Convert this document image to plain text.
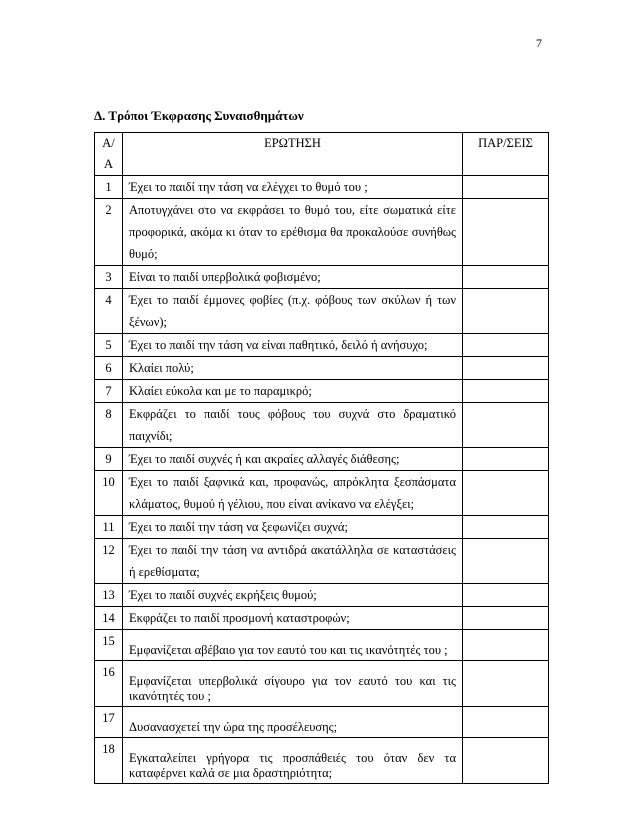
7
Δ. Τρόποι Έκφρασης Συναισθημάτων
Α/Α	ΕΡΩΤΗΣΗ	ΠΑΡ/ΣΕΙΣ
1	Έχει το παιδί την τάση να ελέγχει το θυμό του ;	
2	Αποτυγχάνει στο να εκφράσει το θυμό του, είτε σωματικά είτε προφορικά, ακόμα κι όταν το ερέθισμα θα προκαλούσε συνήθως θυμό;	
3	Είναι το παιδί υπερβολικά φοβισμένο;	
4	Έχει το παιδί έμμονες φοβίες (π.χ. φόβους των σκύλων ή των ξένων);	
5	Έχει το παιδί την τάση να είναι παθητικό, δειλό ή ανήσυχο;	
6	Κλαίει πολύ;	
7	Κλαίει εύκολα και με το παραμικρό;	
8	Εκφράζει το παιδί τους φόβους του συχνά στο δραματικό παιχνίδι;	
9	Έχει το παιδί συχνές ή και ακραίες αλλαγές διάθεσης;	
10	Έχει το παιδί ξαφνικά και, προφανώς, απρόκλητα ξεσπάσματα κλάματος, θυμού ή γέλιου, που είναι ανίκανο να ελέγξει;	
11	Έχει το παιδί την τάση να ξεφωνίζει συχνά;	
12	Έχει το παιδί την τάση να αντιδρά ακατάλληλα σε καταστάσεις ή ερεθίσματα;	
13	Έχει το παιδί συχνές εκρήξεις θυμού;	
14	Εκφράζει το παιδί προσμονή καταστροφών;	
15	Εμφανίζεται αβέβαιο για τον εαυτό του και τις ικανότητές του ;	
16	Εμφανίζεται υπερβολικά σίγουρο για τον εαυτό του και τις ικανότητές του ;	
17	Δυσανασχετεί την ώρα της προσέλευσης;	
18	Εγκαταλείπει γρήγορα τις προσπάθειές του όταν δεν τα καταφέρνει καλά σε μια δραστηριότητα;	
